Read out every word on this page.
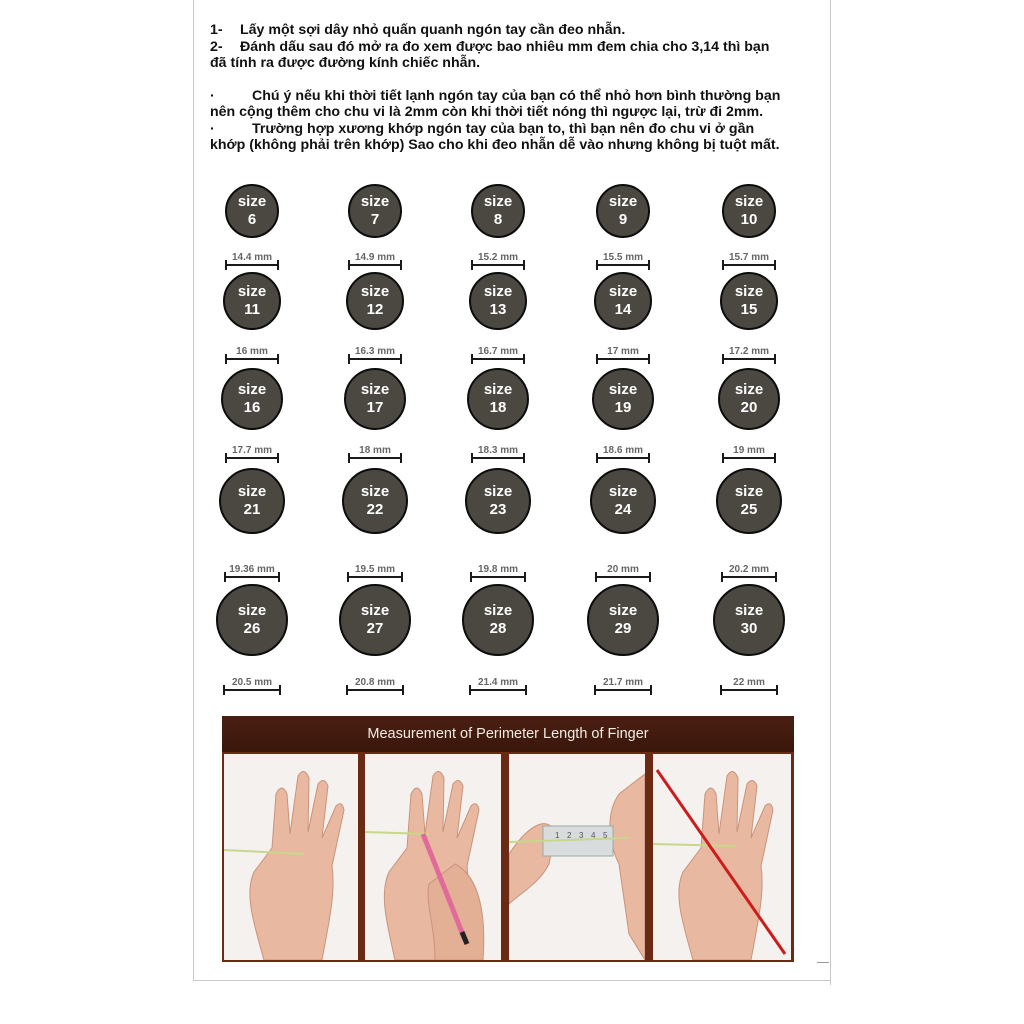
1- Lấy một sợi dây nhỏ quấn quanh ngón tay cần đeo nhẫn.

2- Đánh dấu sau đó mở ra đo xem được bao nhiêu mm đem chia cho 3,14 thì bạn

đã tính ra được đường kính chiếc nhẫn.

·	Chú ý nếu khi thời tiết lạnh ngón tay của bạn có thể nhỏ hơn bình thường bạn

nên cộng thêm cho chu vi là 2mm còn khi thời tiết nóng thì ngược lại, trừ đi 2mm.

·	Trường hợp xương khớp ngón tay của bạn to, thì bạn nên đo chu vi ở gần

khớp (không phải trên khớp) Sao cho khi đeo nhẫn dễ vào nhưng không bị tuột mất.

size
6
14.4 mm
size
7
14.9 mm
size
8
15.2 mm
size
9
15.5 mm
size
10
15.7 mm
size
11
16 mm
size
12
16.3 mm
size
13
16.7 mm
size
14
17 mm
size
15
17.2 mm
size
16
17.7 mm
size
17
18 mm
size
18
18.3 mm
size
19
18.6 mm
size
20
19 mm
size
21
19.36 mm
size
22
19.5 mm
size
23
19.8 mm
size
24
20 mm
size
25
20.2 mm
size
26
20.5 mm
size
27
20.8 mm
size
28
21.4 mm
size
29
21.7 mm
size
30
22 mm
Measurement of Perimeter Length of Finger
1 2 3 4 5
